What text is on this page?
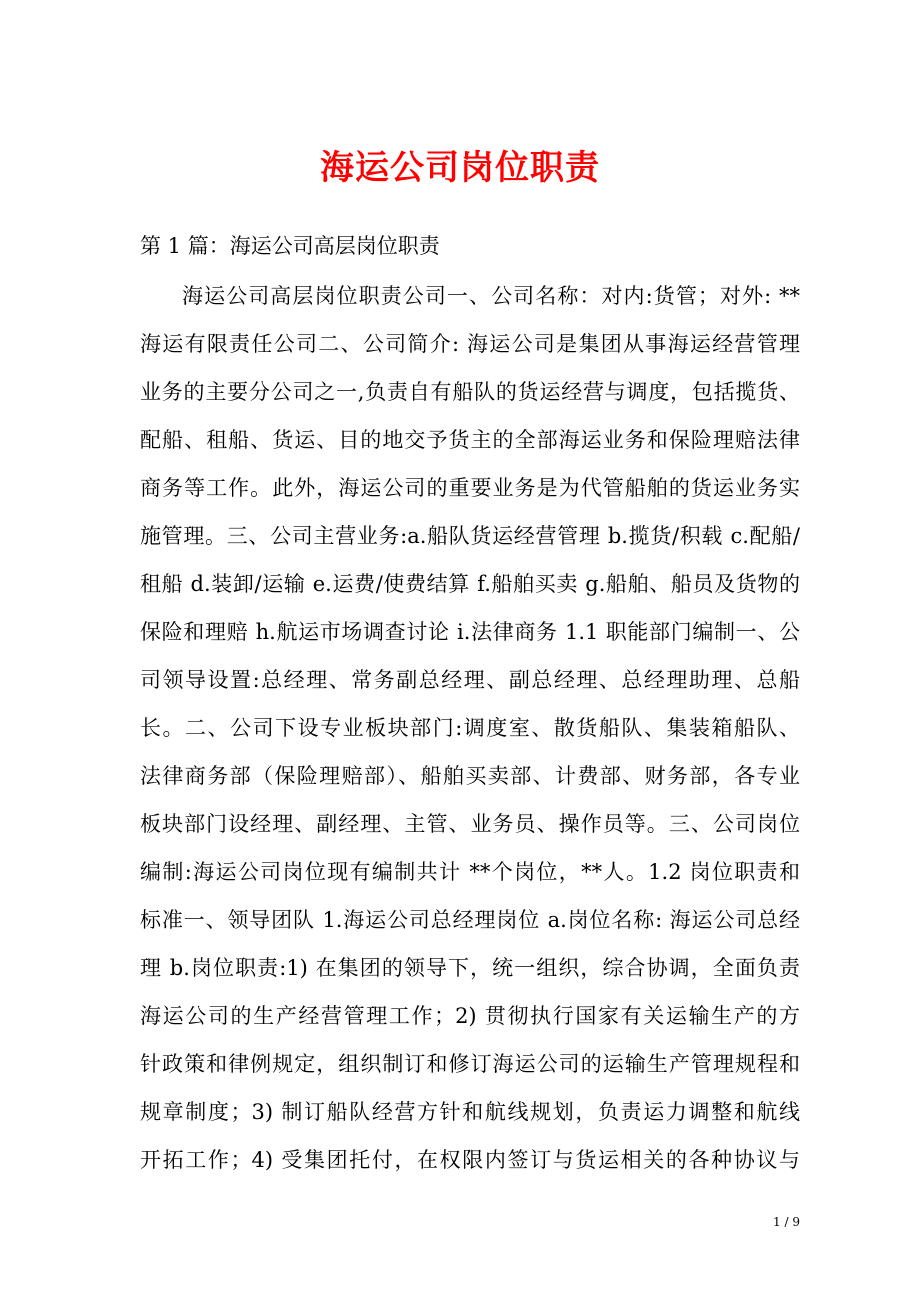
海运公司岗位职责
第 1 篇：海运公司高层岗位职责
海运公司高层岗位职责公司一、公司名称：对内:货管；对外: **
海运有限责任公司二、公司简介: 海运公司是集团从事海运经营管理
业务的主要分公司之一,负责自有船队的货运经营与调度，包括揽货、
配船、租船、货运、目的地交予货主的全部海运业务和保险理赔法律
商务等工作。此外，海运公司的重要业务是为代管船舶的货运业务实
施管理。三、公司主营业务:a.船队货运经营管理 b.揽货/积载 c.配船/
租船 d.装卸/运输 e.运费/使费结算 f.船舶买卖 g.船舶、船员及货物的
保险和理赔 h.航运市场调查讨论 i.法律商务 1.1 职能部门编制一、公
司领导设置:总经理、常务副总经理、副总经理、总经理助理、总船
长。二、公司下设专业板块部门:调度室、散货船队、集装箱船队、
法律商务部（保险理赔部）、船舶买卖部、计费部、财务部，各专业
板块部门设经理、副经理、主管、业务员、操作员等。三、公司岗位
编制:海运公司岗位现有编制共计 **个岗位，**人。1.2 岗位职责和
标准一、领导团队 1.海运公司总经理岗位 a.岗位名称: 海运公司总经
理 b.岗位职责:1) 在集团的领导下，统一组织，综合协调，全面负责
海运公司的生产经营管理工作；2) 贯彻执行国家有关运输生产的方
针政策和律例规定，组织制订和修订海运公司的运输生产管理规程和
规章制度；3) 制订船队经营方针和航线规划，负责运力调整和航线
开拓工作；4) 受集团托付，在权限内签订与货运相关的各种协议与
1 / 9
